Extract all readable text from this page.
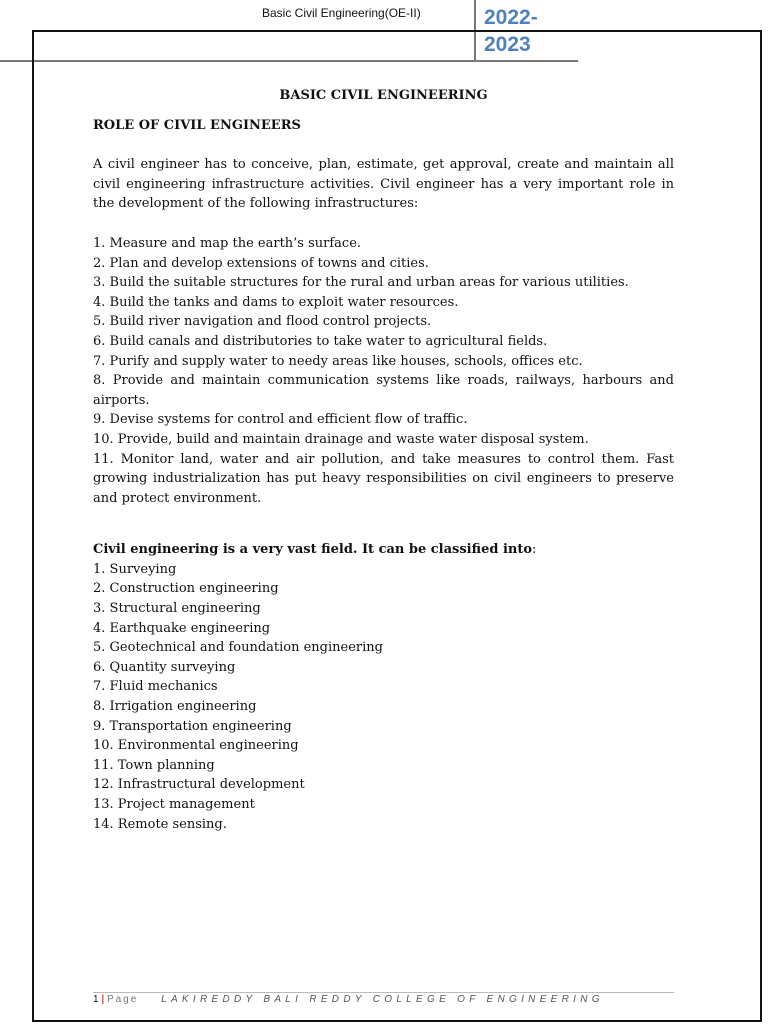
Basic Civil Engineering(OE-II)	2022-
2023
BASIC CIVIL ENGINEERING
ROLE OF CIVIL ENGINEERS

A civil engineer has to conceive, plan, estimate, get approval, create and maintain all civil engineering infrastructure activities. Civil engineer has a very important role in the development of the following infrastructures:

1. Measure and map the earth’s surface.
2. Plan and develop extensions of towns and cities.
3. Build the suitable structures for the rural and urban areas for various utilities.
4. Build the tanks and dams to exploit water resources.
5. Build river navigation and flood control projects.
6. Build canals and distributories to take water to agricultural fields.
7. Purify and supply water to needy areas like houses, schools, offices etc.
8. Provide and maintain communication systems like roads, railways, harbours and airports.
9. Devise systems for control and efficient flow of traffic.
10. Provide, build and maintain drainage and waste water disposal system.
11. Monitor land, water and air pollution, and take measures to control them. Fast growing industrialization has put heavy responsibilities on civil engineers to preserve and protect environment.

Civil engineering is a very vast field. It can be classified into:

1. Surveying
2. Construction engineering
3. Structural engineering
4. Earthquake engineering
5. Geotechnical and foundation engineering
6. Quantity surveying
7. Fluid mechanics
8. Irrigation engineering
9. Transportation engineering
10. Environmental engineering
11. Town planning
12. Infrastructural development
13. Project management
14. Remote sensing.
1 | Page LAKIREDDY BALI REDDY COLLEGE OF ENGINEERING
